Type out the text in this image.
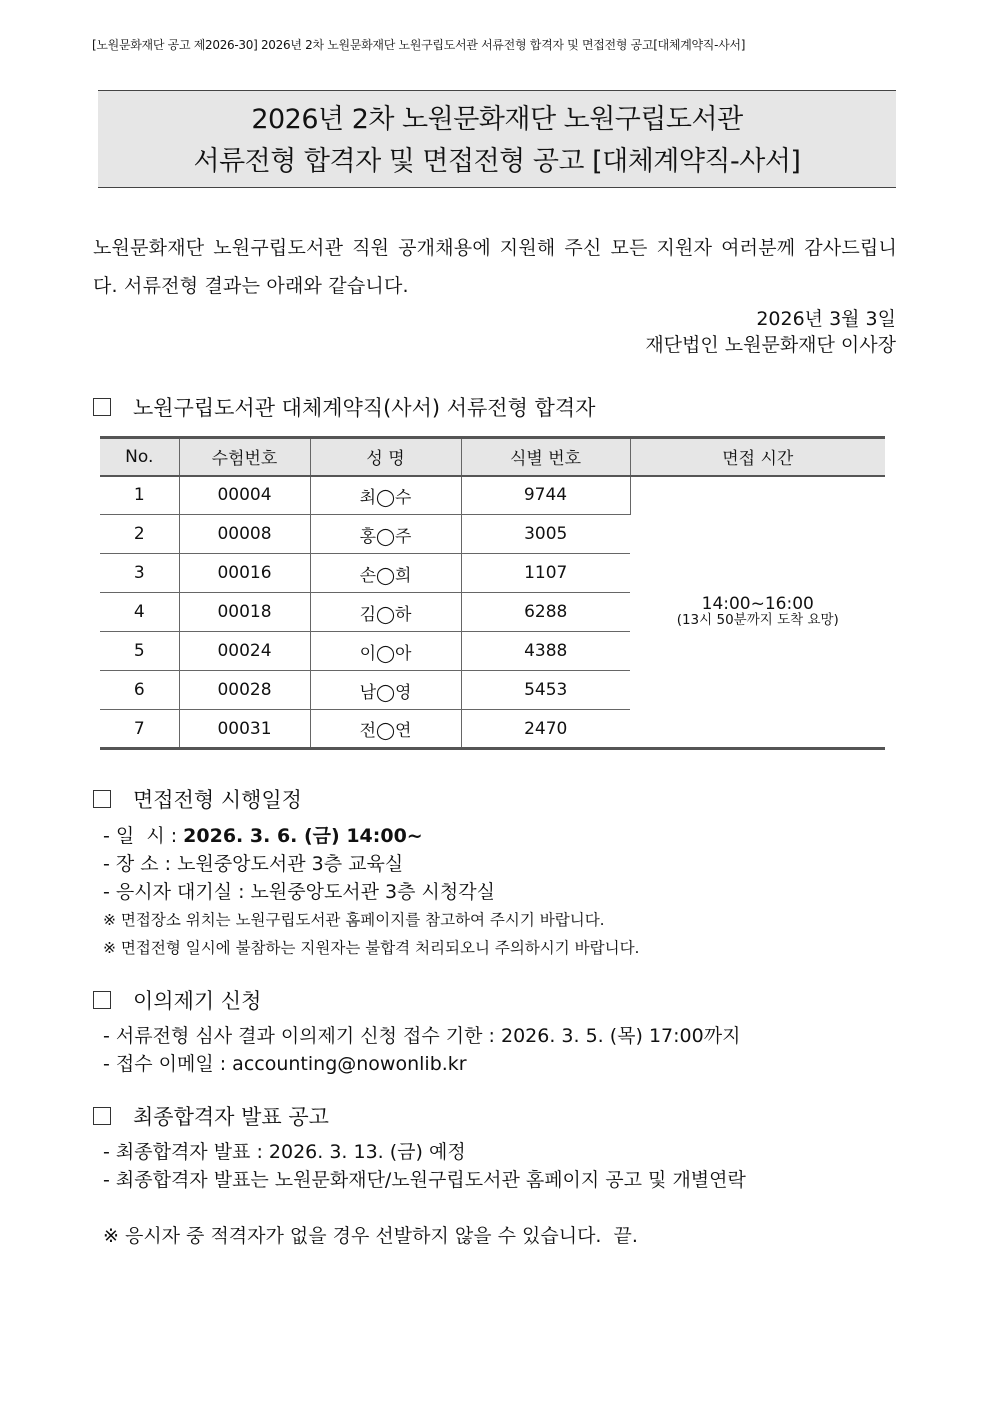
[노원문화재단 공고 제2026-30] 2026년 2차 노원문화재단 노원구립도서관 서류전형 합격자 및 면접전형 공고[대체계약직-사서]
2026년 2차 노원문화재단 노원구립도서관
서류전형 합격자 및 면접전형 공고 [대체계약직-사서]
노원문화재단 노원구립도서관 직원 공개채용에 지원해 주신 모든 지원자 여러분께 감사드립니다. 서류전형 결과는 아래와 같습니다.
2026년 3월 3일
재단법인 노원문화재단 이사장
노원구립도서관 대체계약직(사서) 서류전형 합격자
No.	수험번호	성 명	식별 번호	면접 시간
1	00004	최◯수	9744	14:00~16:00
(13시 50분까지 도착 요망)

2	00008	홍◯주	3005	
3	00016	손◯희	1107	
4	00018	김◯하	6288	
5	00024	이◯아	4388	
6	00028	남◯영	5453	
7	00031	전◯연	2470	
면접전형 시행일정
- 일  시 : 2026. 3. 6. (금) 14:00~
- 장 소 : 노원중앙도서관 3층 교육실
- 응시자 대기실 : 노원중앙도서관 3층 시청각실
※ 면접장소 위치는 노원구립도서관 홈페이지를 참고하여 주시기 바랍니다.
※ 면접전형 일시에 불참하는 지원자는 불합격 처리되오니 주의하시기 바랍니다.
이의제기 신청
- 서류전형 심사 결과 이의제기 신청 접수 기한 : 2026. 3. 5. (목) 17:00까지
- 접수 이메일 : accounting@nowonlib.kr
최종합격자 발표 공고
- 최종합격자 발표 : 2026. 3. 13. (금) 예정
- 최종합격자 발표는 노원문화재단/노원구립도서관 홈페이지 공고 및 개별연락
※ 응시자 중 적격자가 없을 경우 선발하지 않을 수 있습니다.  끝.
